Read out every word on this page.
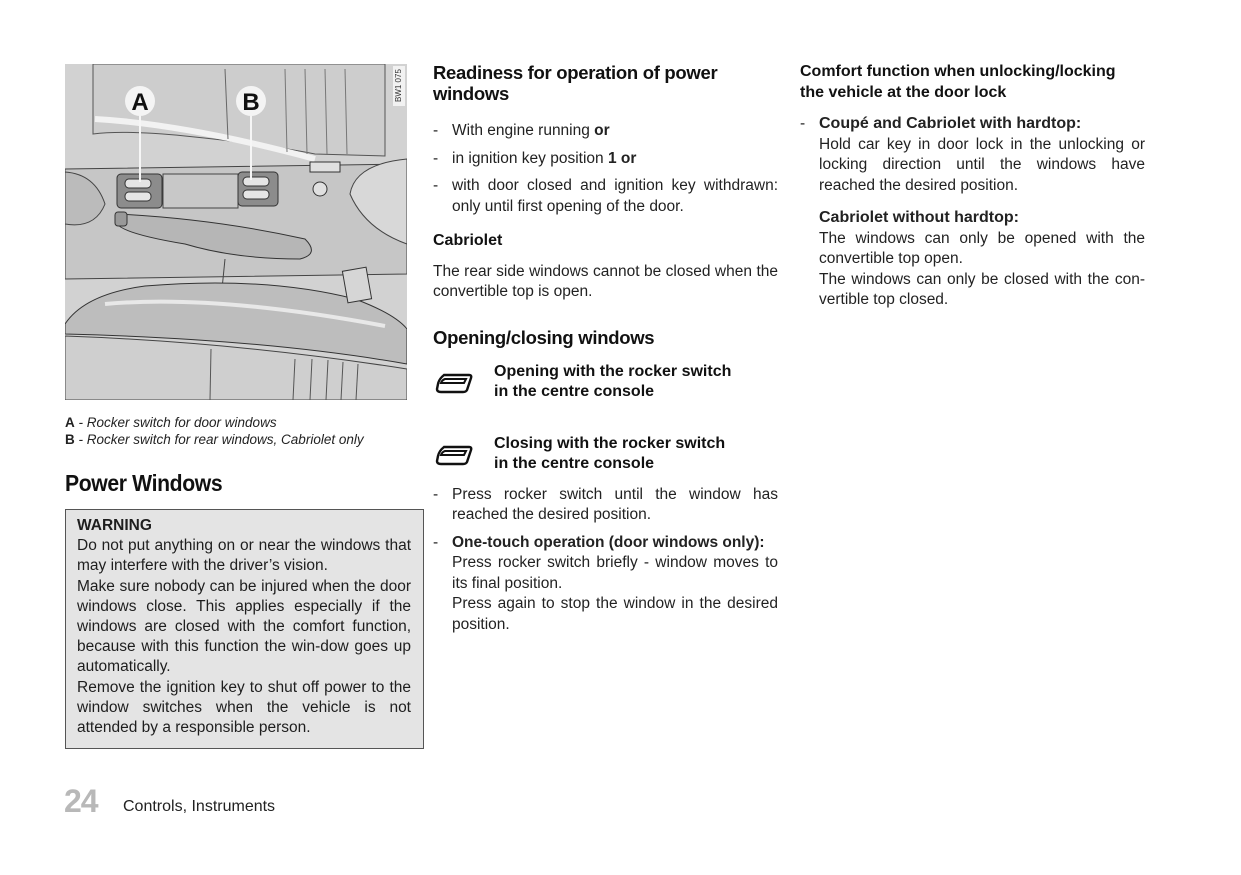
A	B
BW1 075
A - Rocker switch for door windows
B - Rocker switch for rear windows, Cabriolet only
Power Windows
WARNING

Do not put anything on or near the windows that may interfere with the driver’s vision.

Make sure nobody can be injured when the door windows close. This applies especially if the windows are closed with the comfort function, because with this function the win-dow goes up automatically.

Remove the ignition key to shut off power to the window switches when the vehicle is not attended by a responsible person.

24 Controls, Instruments
Readiness for operation of power windows
- With engine running or
- in ignition key position 1 or
- with door closed and ignition key withdrawn: only until first opening of the door.
Cabriolet

The rear side windows cannot be closed when the convertible top is open.

Opening/closing windows
Opening with the rocker switch
in the centre console
Closing with the rocker switch
in the centre console
- Press rocker switch until the window has reached the desired position.
- One-touch operation (door windows only):
Press rocker switch briefly - window moves to its final position.
Press again to stop the window in the desired position.
Comfort function when unlocking/locking the vehicle at the door lock
- Coupé and Cabriolet with hardtop:
Hold car key in door lock in the unlocking or locking direction until the windows have reached the desired position.
Cabriolet without hardtop:

The windows can only be opened with the convertible top open.

The windows can only be closed with the con-vertible top closed.
